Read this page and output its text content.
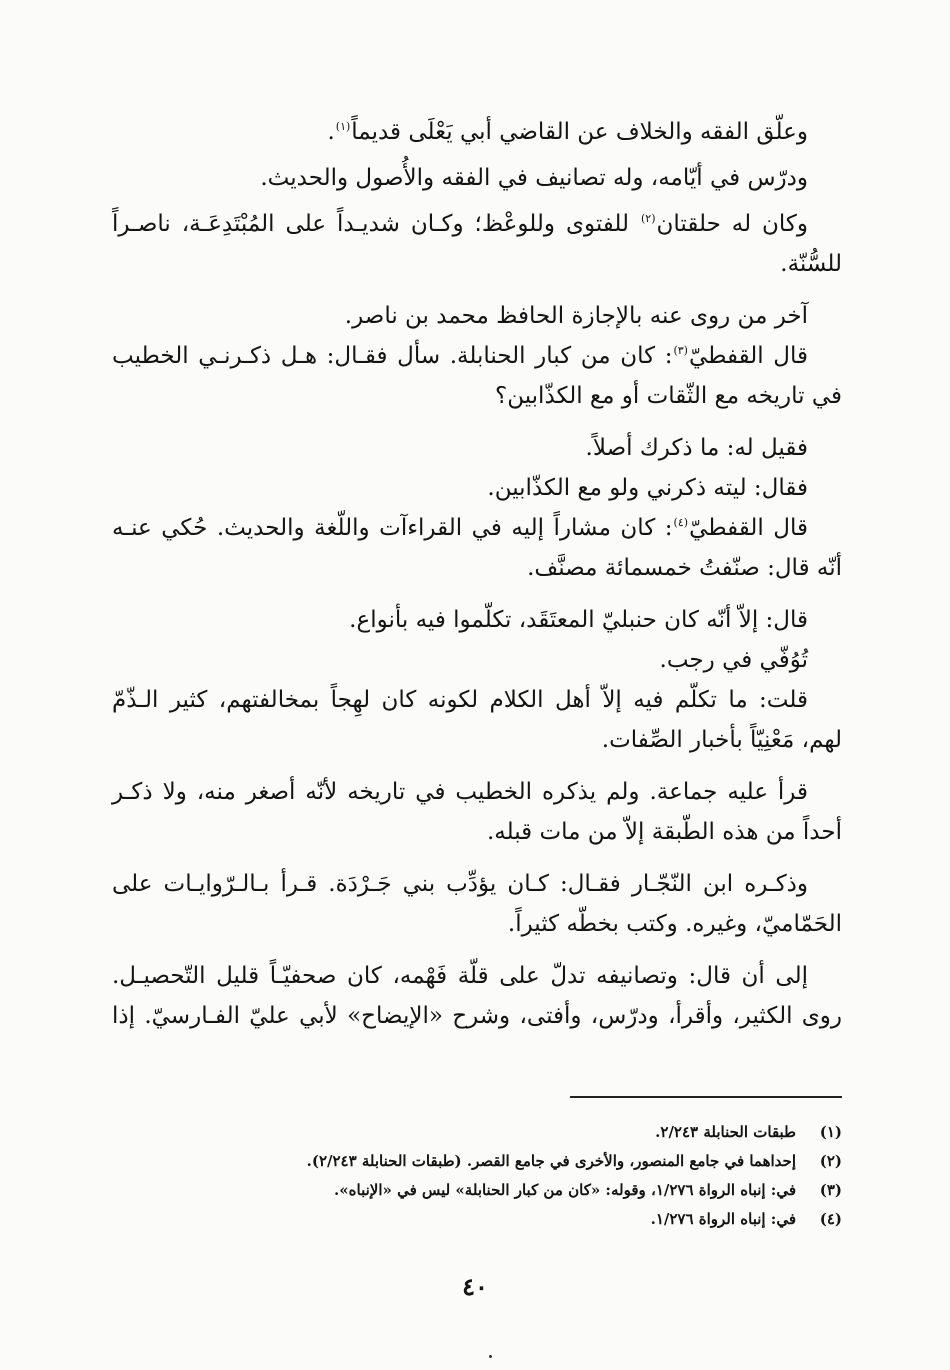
وعلّق الفقه والخلاف عن القاضي أبي يَعْلَى قديماً$^{(١)}$.
ودرّس في أيّامه، وله تصانيف في الفقه والأُصول والحديث.
وكان له حلقتان$^{(٢)}$ للفتوى وللوعْظ؛ وكـان شديـداً على المُبْتَدِعَـة، ناصـراً
للسُّنّة.
آخر من روى عنه بالإجازة الحافظ محمد بن ناصر.
قال القفطيّ$^{(٣)}$: كان من كبار الحنابلة. سأل فقـال: هـل ذكـرنـي الخطيب
في تاريخه مع الثّقات أو مع الكذّابين؟
فقيل له: ما ذكرك أصلاً.
فقال: ليته ذكرني ولو مع الكذّابين.
قال القفطيّ$^{(٤)}$: كان مشاراً إليه في القراءآت واللّغة والحديث. حُكي عنـه
أنّه قال: صنّفتُ خمسمائة مصنَّف.
قال: إلاّ أنّه كان حنبليّ المعتَقَد، تكلّموا فيه بأنواع.
تُوُفّي في رجب.
قلت: ما تكلّم فيه إلاّ أهل الكلام لكونه كان لهِجاً بمخالفتهم، كثير الـذّمّ
لهم، مَعْنِيّاً بأخبار الصِّفات.
قرأ عليه جماعة. ولم يذكره الخطيب في تاريخه لأنّه أصغر منه، ولا ذكـر
أحداً من هذه الطّبقة إلاّ من مات قبله.
وذكـره ابن النّجّـار فقـال: كـان يؤدِّب بني جَـرْدَة. قـرأ بـالـرّوايـات على
الحَمّاميّ، وغيره. وكتب بخطّه كثيراً.
إلى أن قال: وتصانيفه تدلّ على قلّة فَهْمه، كان صحفيّـاً قليل التّحصيـل.
روى الكثير، وأقرأ، ودرّس، وأفتى، وشرح «الإيضاح» لأبي عليّ الفـارسيّ. إذا
(١)
طبقات الحنابلة ٢/٢٤٣.
(٢)
إحداهما في جامع المنصور، والأخرى في جامع القصر. (طبقات الحنابلة ٢/٢٤٣).
(٣)
في: إنباه الرواة ١/٢٧٦، وقوله: «كان من كبار الحنابلة» ليس في «الإنباه».
(٤)
في: إنباه الرواة ١/٢٧٦.
٤٠
